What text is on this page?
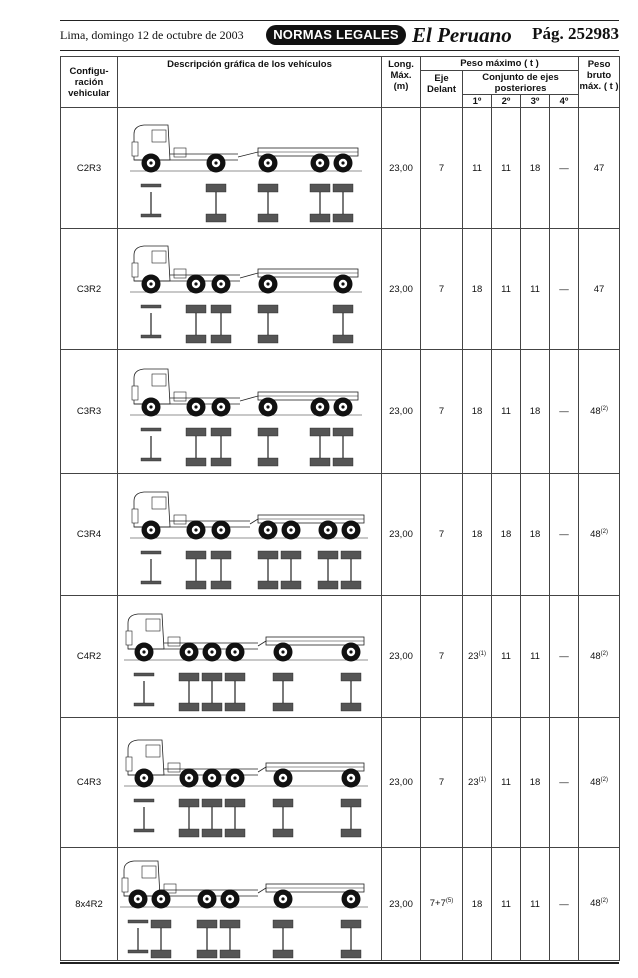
Lima, domingo 12 de octubre de 2003	NORMAS LEGALES El Peruano Pág. 252983
Configu- ración vehicular	Descripción gráfica de los vehículos	Long. Máx. (m)	Peso máximo ( t )					Peso bruto máx. ( t )
			Eje Delant	Conjunto de ejes posteriores				
				1º	2º	3º	4º	
C2R3		23,00	7	11	11	18	—	47
C3R2		23,00	7	18	11	11	—	47
C3R3		23,00	7	18	11	18	—	48$^{(2)}$
C3R4		23,00	7	18	18	18	—	48$^{(2)}$
C4R2		23,00	7	23$^{(1)}$	11	11	—	48$^{(2)}$
C4R3		23,00	7	23$^{(1)}$	11	18	—	48$^{(2)}$
8x4R2		23,00	$7+7^{(5)}$	18	11	11	—	48$^{(2)}$
